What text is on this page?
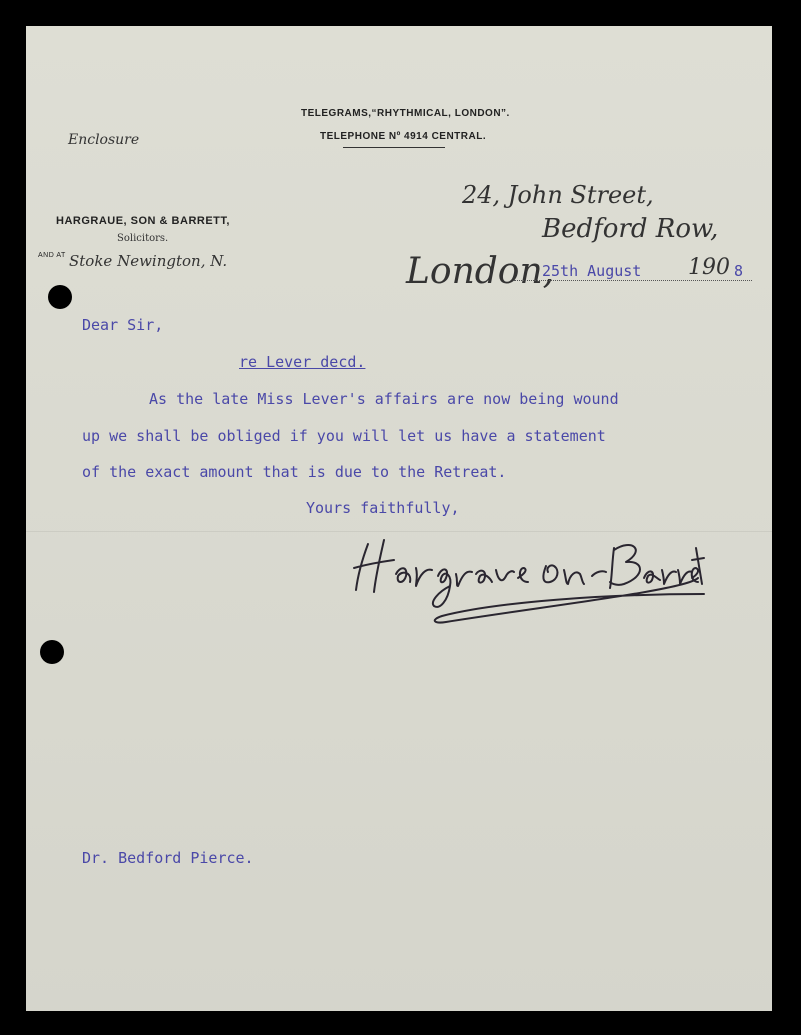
Enclosure
TELEGRAMS,“RHYTHMICAL, LONDON”.
TELEPHONE Nº 4914 CENTRAL.
HARGRAUE, SON & BARRETT,
Solicitors.
AND AT Stoke Newington, N.
24, John Street,
Bedford Row,
London,
25th August 190 8
Dear Sir,
re Lever decd.
As the late Miss Lever's affairs are now being wound
up we shall be obliged if you will let us have a statement
of the exact amount that is due to the Retreat.
Yours faithfully,
Dr. Bedford Pierce.
